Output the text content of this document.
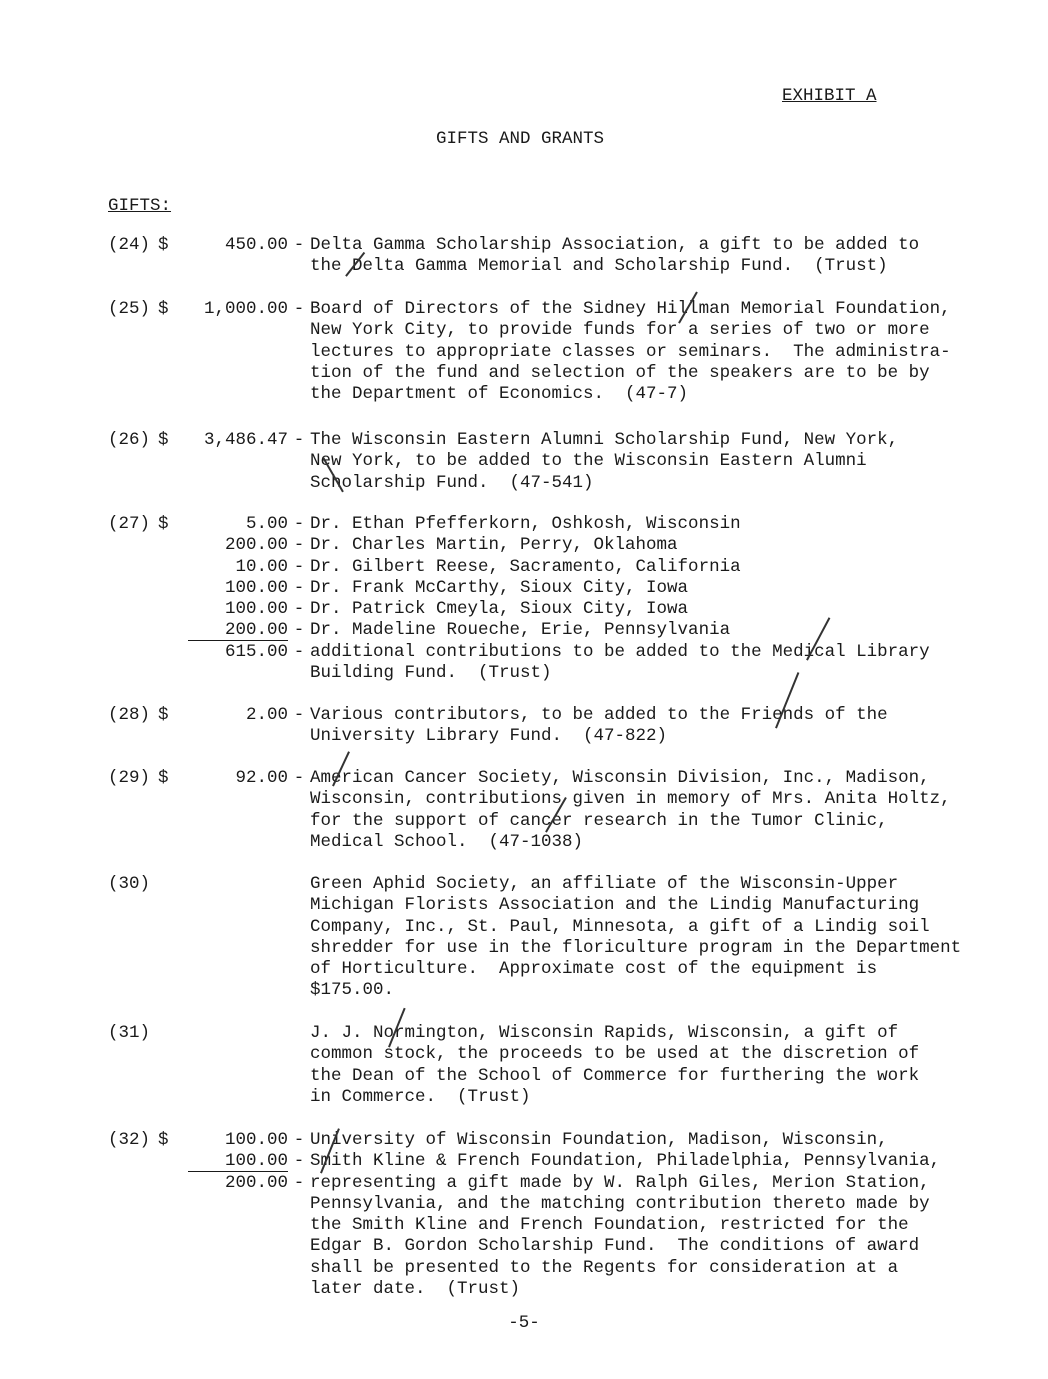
EXHIBIT A
GIFTS AND GRANTS
GIFTS:
(24) $	450.00 - Delta Gamma Scholarship Association, a gift to be added to
the Delta Gamma Memorial and Scholarship Fund.  (Trust)
(25) $	1,000.00 - Board of Directors of the Sidney Hillman Memorial Foundation,
New York City, to provide funds for a series of two or more
lectures to appropriate classes or seminars.  The administra-
tion of the fund and selection of the speakers are to be by
the Department of Economics.  (47-7)
(26) $	3,486.47 - The Wisconsin Eastern Alumni Scholarship Fund, New York,
New York, to be added to the Wisconsin Eastern Alumni
Scholarship Fund.  (47-541)
(27) $	5.00 - Dr. Ethan Pfefferkorn, Oshkosh, Wisconsin
200.00 - Dr. Charles Martin, Perry, Oklahoma
10.00 - Dr. Gilbert Reese, Sacramento, California
100.00 - Dr. Frank McCarthy, Sioux City, Iowa
100.00 - Dr. Patrick Cmeyla, Sioux City, Iowa
200.00 - Dr. Madeline Roueche, Erie, Pennsylvania
615.00 - additional contributions to be added to the Medical Library
Building Fund.  (Trust)
(28) $	2.00 - Various contributors, to be added to the Friends of the
University Library Fund.  (47-822)
(29) $	92.00 - American Cancer Society, Wisconsin Division, Inc., Madison,
Wisconsin, contributions given in memory of Mrs. Anita Holtz,
for the support of cancer research in the Tumor Clinic,
Medical School.  (47-1038)
(30)	Green Aphid Society, an affiliate of the Wisconsin-Upper
Michigan Florists Association and the Lindig Manufacturing
Company, Inc., St. Paul, Minnesota, a gift of a Lindig soil
shredder for use in the floriculture program in the Department
of Horticulture.  Approximate cost of the equipment is
$175.00.
(31)	J. J. Normington, Wisconsin Rapids, Wisconsin, a gift of
common stock, the proceeds to be used at the discretion of
the Dean of the School of Commerce for furthering the work
in Commerce.  (Trust)
(32) $	100.00 - University of Wisconsin Foundation, Madison, Wisconsin,
100.00 - Smith Kline & French Foundation, Philadelphia, Pennsylvania,
200.00 - representing a gift made by W. Ralph Giles, Merion Station,
Pennsylvania, and the matching contribution thereto made by
the Smith Kline and French Foundation, restricted for the
Edgar B. Gordon Scholarship Fund.  The conditions of award
shall be presented to the Regents for consideration at a
later date.  (Trust)
-5-
